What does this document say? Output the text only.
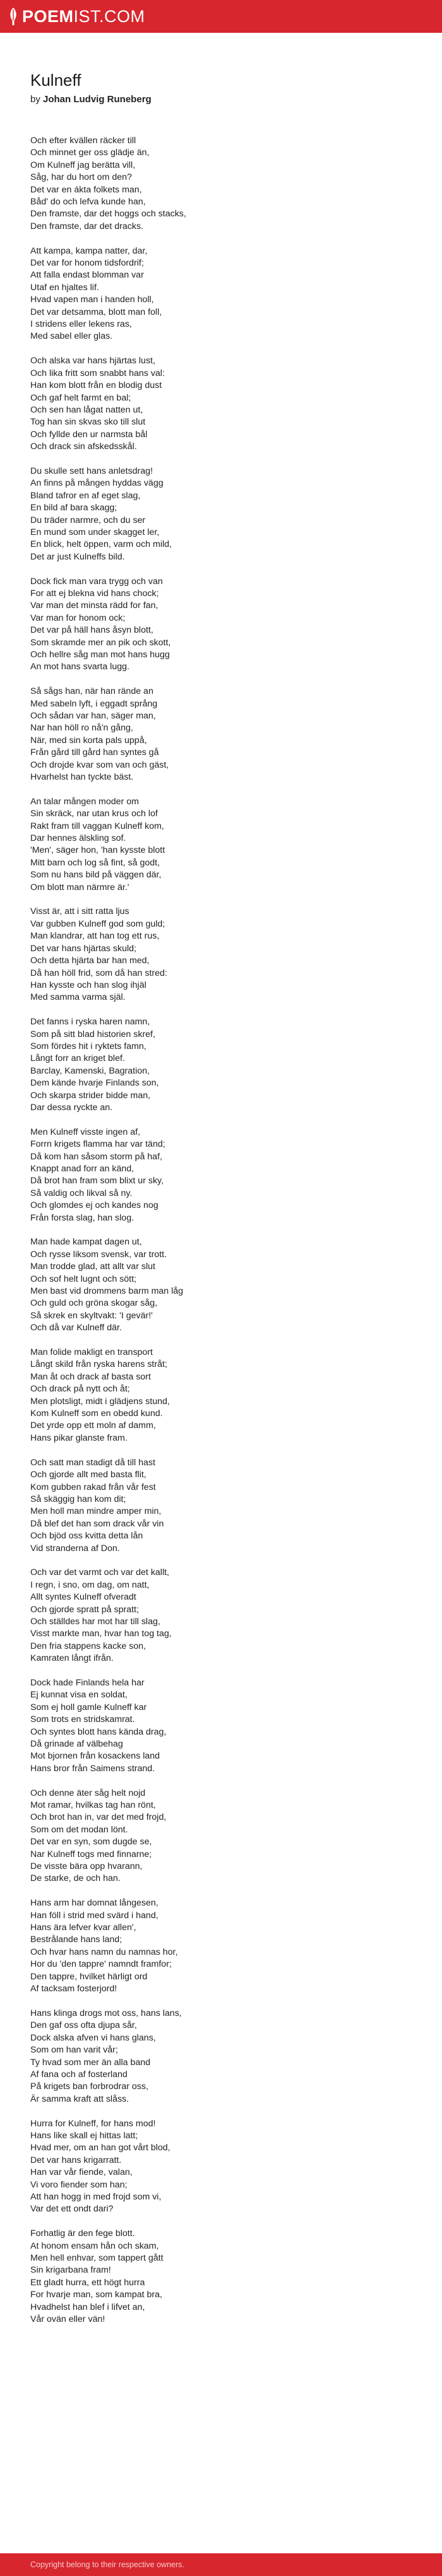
POEM IST.COM
Kulneff
by Johan Ludvig Runeberg
Och efter kvällen räcker till
Och minnet ger oss glädje än,
Om Kulneff jag berätta vill,
Såg, har du hort om den?
Det var en ákta folkets man,
Båd' do och lefva kunde han,
Den framste, dar det hoggs och stacks,
Den framste, dar det dracks.
Att kampa, kampa natter, dar,
Det var for honom tidsfordrif;
Att falla endast blomman var
Utaf en hjaltes lif.
Hvad vapen man i handen holl,
Det var detsamma, blott man foll,
I stridens eller lekens ras,
Med sabel eller glas.
Och alska var hans hjärtas lust,
Och lika fritt som snabbt hans val:
Han kom blott från en blodig dust
Och gaf helt farmt en bal;
Och sen han lågat natten ut,
Tog han sin skvas sko till slut
Och fyllde den ur narmsta bål
Och drack sin afskedsskål.
Du skulle sett hans anletsdrag!
An finns på mången hyddas vägg
Bland tafror en af eget slag,
En bild af bara skagg;
Du träder narmre, och du ser
En mund som under skagget ler,
En blick, helt öppen, varm och mild,
Det ar just Kulneffs bild.
Dock fick man vara trygg och van
For att ej blekna vid hans chock;
Var man det minsta rädd for fan,
Var man for honom ock;
Det var på häll hans åsyn blott,
Som skramde mer an pik och skott,
Och hellre såg man mot hans hugg
An mot hans svarta lugg.
Så sågs han, när han rände an
Med sabeln lyft, i eggadt språng
Och sådan var han, säger man,
Nar han höll ro nå'n gång,
När, med sin korta pals uppå,
Från gård till gård han syntes gå
Och drojde kvar som van och gäst,
Hvarhelst han tyckte bäst.
An talar mången moder om
Sin skräck, nar utan krus och lof
Rakt fram till vaggan Kulneff kom,
Dar hennes älskling sof.
'Men', säger hon, 'han kysste blott
Mitt barn och log så fint, så godt,
Som nu hans bild på väggen där,
Om blott man närmre är.'
Visst är, att i sitt ratta ljus
Var gubben Kulneff god som guld;
Man klandrar, att han tog ett rus,
Det var hans hjärtas skuld;
Och detta hjärta bar han med,
Då han höll frid, som då han stred:
Han kysste och han slog ihjäl
Med samma varma själ.
Det fanns i ryska haren namn,
Som på sitt blad historien skref,
Som fördes hit i ryktets famn,
Långt forr an kriget blef.
Barclay, Kamenski, Bagration,
Dem kände hvarje Finlands son,
Och skarpa strider bidde man,
Dar dessa ryckte an.
Men Kulneff visste ingen af,
Forrn krigets flamma har var tänd;
Då kom han såsom storm på haf,
Knappt anad forr an känd,
Då brot han fram som blixt ur sky,
Så valdig och likval så ny.
Och glomdes ej och kandes nog
Från forsta slag, han slog.
Man hade kampat dagen ut,
Och rysse liksom svensk, var trott.
Man trodde glad, att allt var slut
Och sof helt lugnt och sött;
Men bast vid drommens barm man låg
Och guld och gröna skogar såg,
Så skrek en skyltvakt: 'I gevär!'
Och då var Kulneff där.
Man folide makligt en transport
Långt skild från ryska harens stråt;
Man åt och drack af basta sort
Och drack på nytt och åt;
Men plotsligt, midt i glädjens stund,
Kom Kulneff som en obedd kund.
Det yrde opp ett moln af damm,
Hans pikar glanste fram.
Och satt man stadigt då till hast
Och gjorde allt med basta flit,
Kom gubben rakad från vår fest
Så skäggig han kom dit;
Men holl man mindre amper min,
Då blef det han som drack vår vin
Och bjöd oss kvitta detta lån
Vid stranderna af Don.
Och var det varmt och var det kallt,
I regn, i sno, om dag, om natt,
Allt syntes Kulneff ofveradt
Och gjorde spratt på spratt;
Och ställdes har mot har till slag,
Visst markte man, hvar han tog tag,
Den fria stappens kacke son,
Kamraten långt ifrån.
Dock hade Finlands hela har
Ej kunnat visa en soldat,
Som ej holl gamle Kulneff kar
Som trots en stridskamrat.
Och syntes blott hans kända drag,
Då grinade af välbehag
Mot bjornen från kosackens land
Hans bror från Saimens strand.
Och denne äter såg helt nojd
Mot ramar, hvilkas tag han rönt,
Och brot han in, var det med frojd,
Som om det modan lönt.
Det var en syn, som dugde se,
Nar Kulneff togs med finnarne;
De visste bära opp hvarann,
De starke, de och han.
Hans arm har domnat långesen,
Han föll i strid med svärd i hand,
Hans ära lefver kvar allen',
Bestrålande hans land;
Och hvar hans namn du namnas hor,
Hor du 'den tappre' namndt framfor;
Den tappre, hvilket härligt ord
Af tacksam fosterjord!
Hans klinga drogs mot oss, hans lans,
Den gaf oss ofta djupa sår,
Dock alska afven vi hans glans,
Som om han varit vår;
Ty hvad som mer än alla band
Af fana och af fosterland
På krigets ban forbrodrar oss,
Är samma kraft att slåss.
Hurra for Kulneff, for hans mod!
Hans like skall ej hittas latt;
Hvad mer, om an han got vårt blod,
Det var hans krigarratt.
Han var vår fiende, valan,
Vi voro fiender som han;
Att han hogg in med frojd som vi,
Var det ett ondt dari?
Forhatlig är den fege blott.
At honom ensam hån och skam,
Men hell enhvar, som tappert gått
Sin krigarbana fram!
Ett gladt hurra, ett högt hurra
For hvarje man, som kampat bra,
Hvadhelst han blef i lifvet an,
Vår ovän eller vän!
Copyright belong to their respective owners.
